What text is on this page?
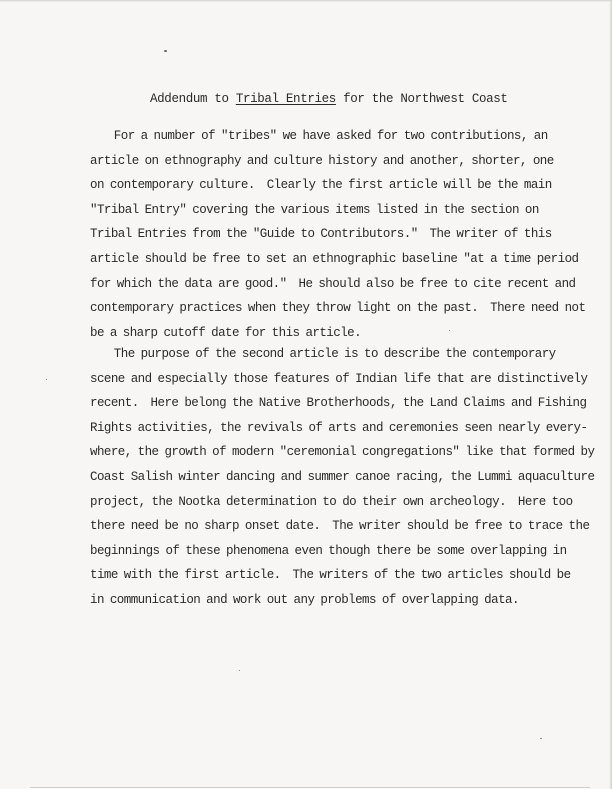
Addendum to Tribal Entries for the Northwest Coast
For a number of "tribes" we have asked for two contributions, an
article on ethnography and culture history and another, shorter, one
on contemporary culture.  Clearly the first article will be the main
"Tribal Entry" covering the various items listed in the section on
Tribal Entries from the "Guide to Contributors."  The writer of this
article should be free to set an ethnographic baseline "at a time period
for which the data are good."  He should also be free to cite recent and
contemporary practices when they throw light on the past.  There need not
be a sharp cutoff date for this article.
The purpose of the second article is to describe the contemporary
scene and especially those features of Indian life that are distinctively
recent.  Here belong the Native Brotherhoods, the Land Claims and Fishing
Rights activities, the revivals of arts and ceremonies seen nearly every-
where, the growth of modern "ceremonial congregations" like that formed by
Coast Salish winter dancing and summer canoe racing, the Lummi aquaculture
project, the Nootka determination to do their own archeology.  Here too
there need be no sharp onset date.  The writer should be free to trace the
beginnings of these phenomena even though there be some overlapping in
time with the first article.  The writers of the two articles should be
in communication and work out any problems of overlapping data.
